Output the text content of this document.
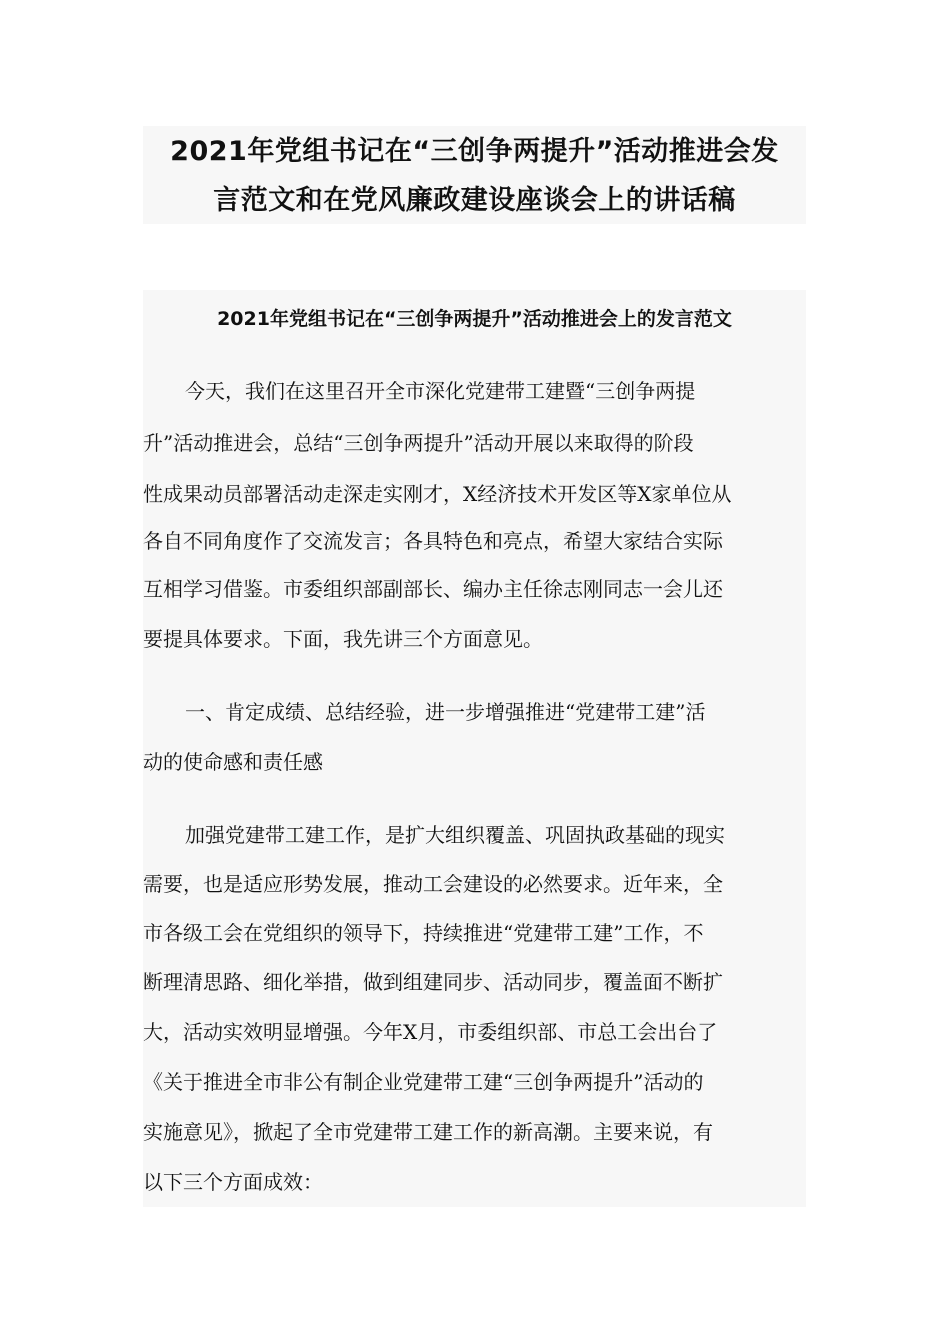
2021年党组书记在“三创争两提升”活动推进会发
言范文和在党风廉政建设座谈会上的讲话稿
2021年党组书记在“三创争两提升”活动推进会上的发言范文
今天，我们在这里召开全市深化党建带工建暨“三创争两提
升”活动推进会，总结“三创争两提升”活动开展以来取得的阶段
性成果动员部署活动走深走实刚才，X经济技术开发区等X家单位从
各自不同角度作了交流发言；各具特色和亮点，希望大家结合实际
互相学习借鉴。市委组织部副部长、编办主任徐志刚同志一会儿还
要提具体要求。下面，我先讲三个方面意见。
一、肯定成绩、总结经验，进一步增强推进“党建带工建”活
动的使命感和责任感
加强党建带工建工作，是扩大组织覆盖、巩固执政基础的现实
需要，也是适应形势发展，推动工会建设的必然要求。近年来，全
市各级工会在党组织的领导下，持续推进“党建带工建”工作，不
断理清思路、细化举措，做到组建同步、活动同步，覆盖面不断扩
大，活动实效明显增强。今年X月，市委组织部、市总工会出台了
《关于推进全市非公有制企业党建带工建“三创争两提升”活动的
实施意见》，掀起了全市党建带工建工作的新高潮。主要来说，有
以下三个方面成效：
